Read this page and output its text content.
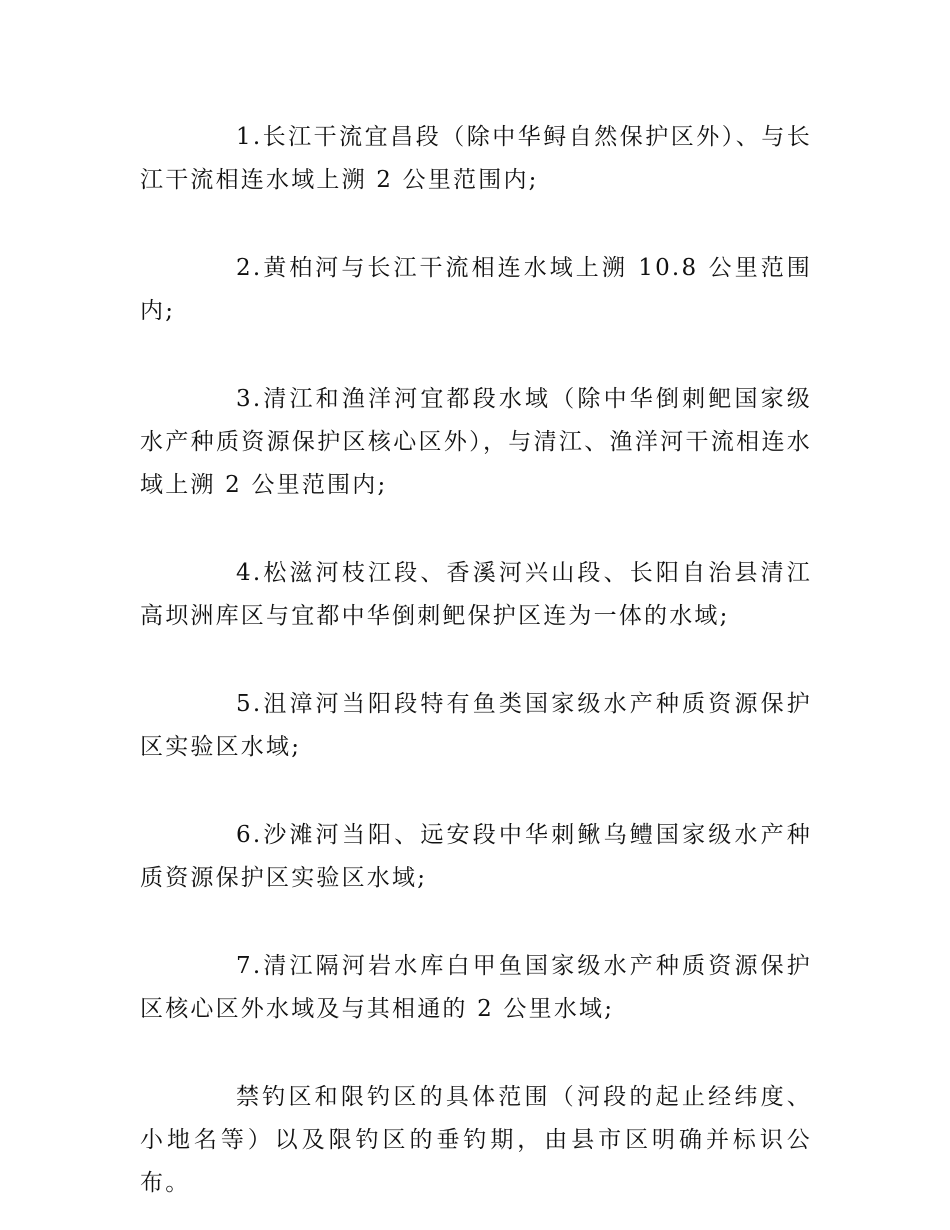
1.长江干流宜昌段（除中华鲟自然保护区外）、与长江干流相连水域上溯 2 公里范围内;

2.黄柏河与长江干流相连水域上溯 10.8 公里范围内;

3.清江和渔洋河宜都段水域（除中华倒刺鲃国家级水产种质资源保护区核心区外），与清江、渔洋河干流相连水域上溯 2 公里范围内;

4.松滋河枝江段、香溪河兴山段、长阳自治县清江高坝洲库区与宜都中华倒刺鲃保护区连为一体的水域;

5.沮漳河当阳段特有鱼类国家级水产种质资源保护区实验区水域;

6.沙滩河当阳、远安段中华刺鳅乌鳢国家级水产种质资源保护区实验区水域;

7.清江隔河岩水库白甲鱼国家级水产种质资源保护区核心区外水域及与其相通的 2 公里水域;

禁钓区和限钓区的具体范围（河段的起止经纬度、小地名等）以及限钓区的垂钓期，由县市区明确并标识公布。
